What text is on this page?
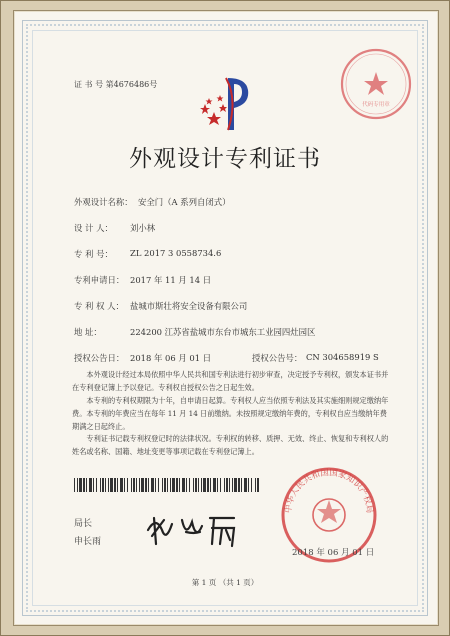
证 书 号 第4676486号
代码专用章
外观设计专利证书
外观设计名称： 安全门（A 系列自闭式）
设 计 人： 刘小林
专 利 号： ZL 2017 3 0558734.6
专利申请日： 2017 年 11 月 14 日
专 利 权 人： 盐城市斯壮将安全设备有限公司
地 址：	224200 江苏省盐城市东台市城东工业园四灶园区
授权公告日： 2018 年 06 月 01 日	授权公告号： CN 304658919 S
本外观设计经过本局依照中华人民共和国专利法进行初步审查，决定授予专利权，颁发本证书并在专利登记簿上予以登记。专利权自授权公告之日起生效。
本专利的专利权期限为十年，自申请日起算。专利权人应当依照专利法及其实施细则规定缴纳年费。本专利的年费应当在每年 11 月 14 日前缴纳。未按照规定缴纳年费的，专利权自应当缴纳年费期满之日起终止。
专利证书记载专利权登记时的法律状况。专利权的转移、质押、无效、终止、恢复和专利权人的姓名或名称、国籍、地址变更等事项记载在专利登记簿上。
局长
申长雨
中华人民共和国国家知识产权局
2018 年 06 月 01 日
第 1 页 （共 1 页）
